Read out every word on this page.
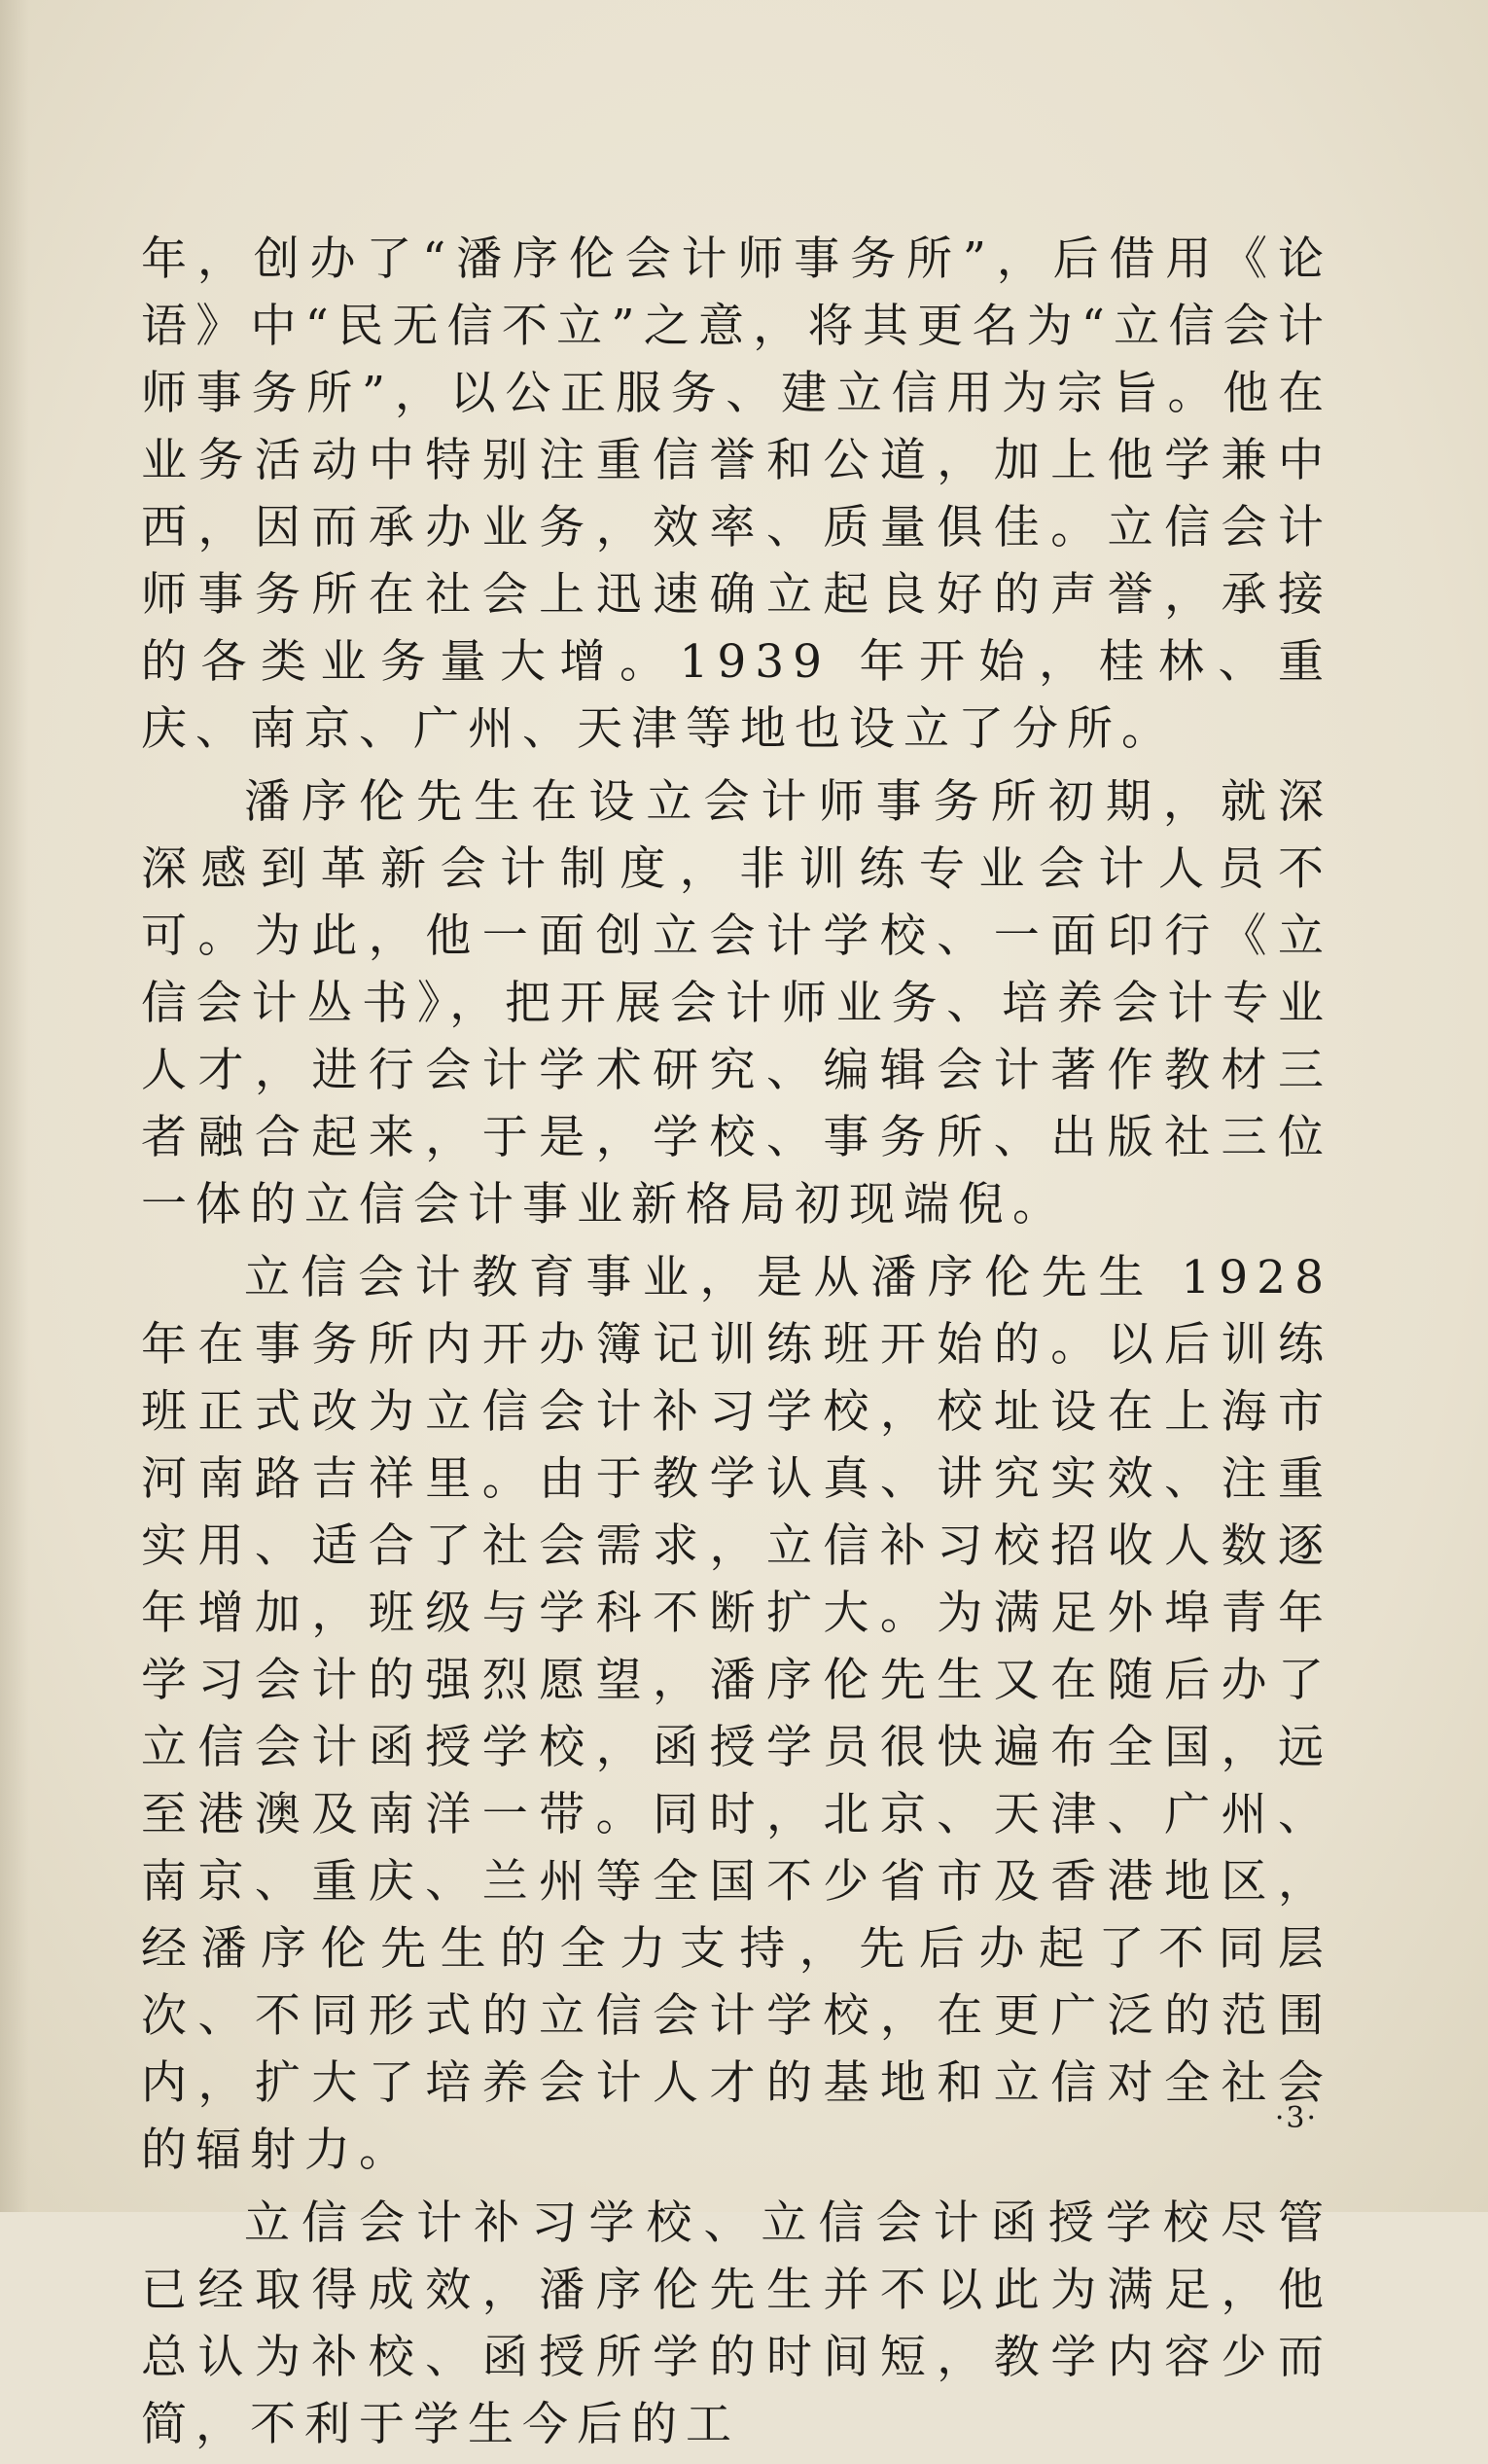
年，创办了“潘序伦会计师事务所”，后借用《论语》中“民无信不立”之意，将其更名为“立信会计师事务所”，以公正服务、建立信用为宗旨。他在业务活动中特别注重信誉和公道，加上他学兼中西，因而承办业务，效率、质量俱佳。立信会计师事务所在社会上迅速确立起良好的声誉，承接的各类业务量大增。1939 年开始，桂林、重庆、南京、广州、天津等地也设立了分所。

潘序伦先生在设立会计师事务所初期，就深深感到革新会计制度，非训练专业会计人员不可。为此，他一面创立会计学校、一面印行《立信会计丛书》，把开展会计师业务、培养会计专业人才，进行会计学术研究、编辑会计著作教材三者融合起来，于是，学校、事务所、出版社三位一体的立信会计事业新格局初现端倪。

立信会计教育事业，是从潘序伦先生 1928 年在事务所内开办簿记训练班开始的。以后训练班正式改为立信会计补习学校，校址设在上海市河南路吉祥里。由于教学认真、讲究实效、注重实用、适合了社会需求，立信补习校招收人数逐年增加，班级与学科不断扩大。为满足外埠青年学习会计的强烈愿望，潘序伦先生又在随后办了立信会计函授学校，函授学员很快遍布全国，远至港澳及南洋一带。同时，北京、天津、广州、南京、重庆、兰州等全国不少省市及香港地区，经潘序伦先生的全力支持，先后办起了不同层次、不同形式的立信会计学校，在更广泛的范围内，扩大了培养会计人才的基地和立信对全社会的辐射力。

立信会计补习学校、立信会计函授学校尽管已经取得成效，潘序伦先生并不以此为满足，他总认为补校、函授所学的时间短，教学内容少而简，不利于学生今后的工

·3·
